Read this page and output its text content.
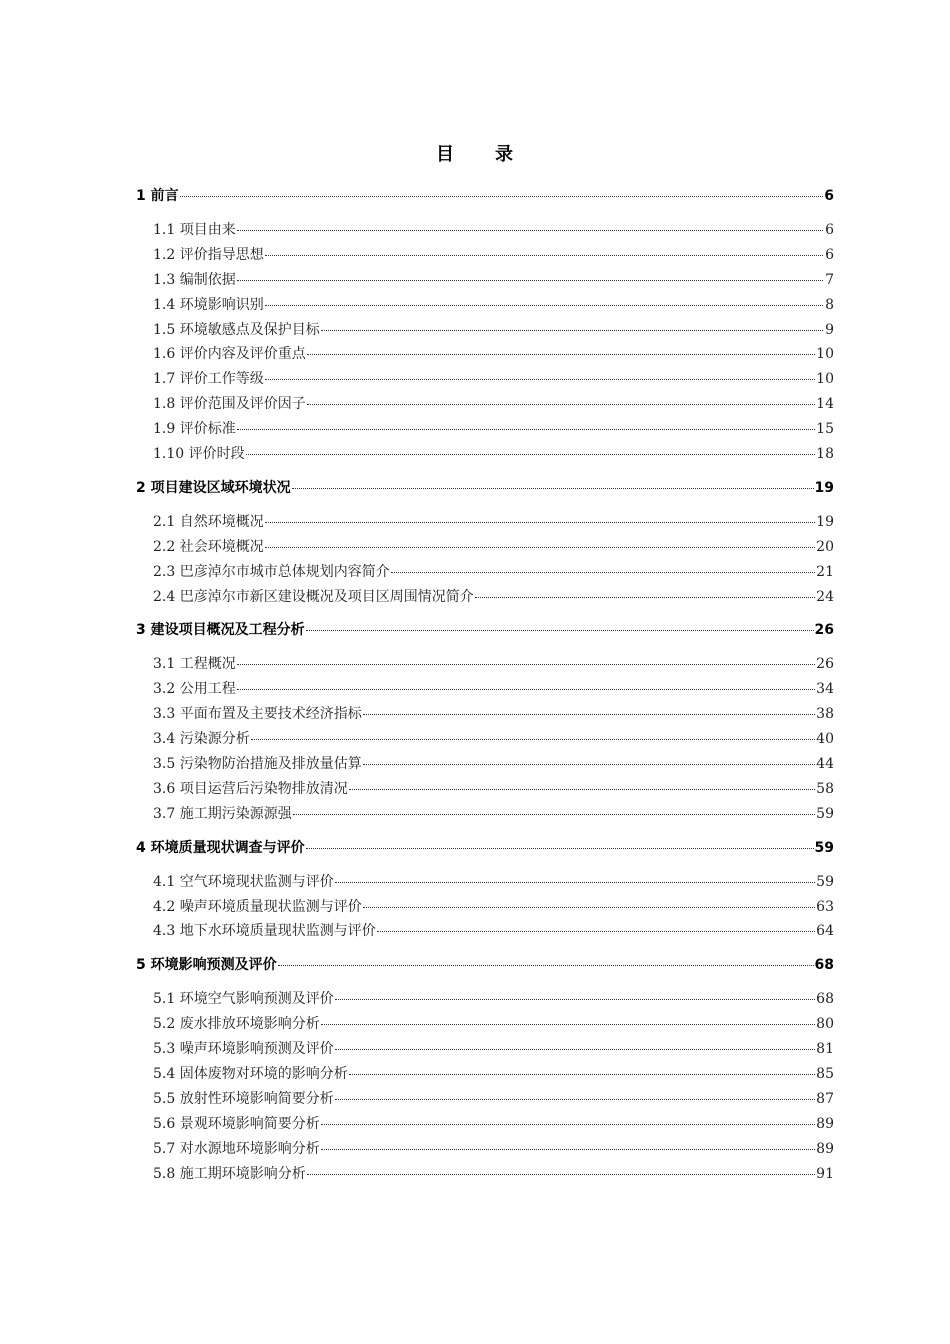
目 录
1 前言	6
1.1 项目由来	6
1.2 评价指导思想	6
1.3 编制依据	7
1.4 环境影响识别	8
1.5 环境敏感点及保护目标	9
1.6 评价内容及评价重点	10
1.7 评价工作等级	10
1.8 评价范围及评价因子	14
1.9 评价标准	15
1.10 评价时段	18
2 项目建设区域环境状况	19
2.1 自然环境概况	19
2.2 社会环境概况	20
2.3 巴彦淖尔市城市总体规划内容简介	21
2.4 巴彦淖尔市新区建设概况及项目区周围情况简介	24
3 建设项目概况及工程分析	26
3.1 工程概况	26
3.2 公用工程	34
3.3 平面布置及主要技术经济指标	38
3.4 污染源分析	40
3.5 污染物防治措施及排放量估算	44
3.6 项目运营后污染物排放清况	58
3.7 施工期污染源源强	59
4 环境质量现状调查与评价	59
4.1 空气环境现状监测与评价	59
4.2 噪声环境质量现状监测与评价	63
4.3 地下水环境质量现状监测与评价	64
5 环境影响预测及评价	68
5.1 环境空气影响预测及评价	68
5.2 废水排放环境影响分析	80
5.3 噪声环境影响预测及评价	81
5.4 固体废物对环境的影响分析	85
5.5 放射性环境影响简要分析	87
5.6 景观环境影响简要分析	89
5.7 对水源地环境影响分析	89
5.8 施工期环境影响分析	91
